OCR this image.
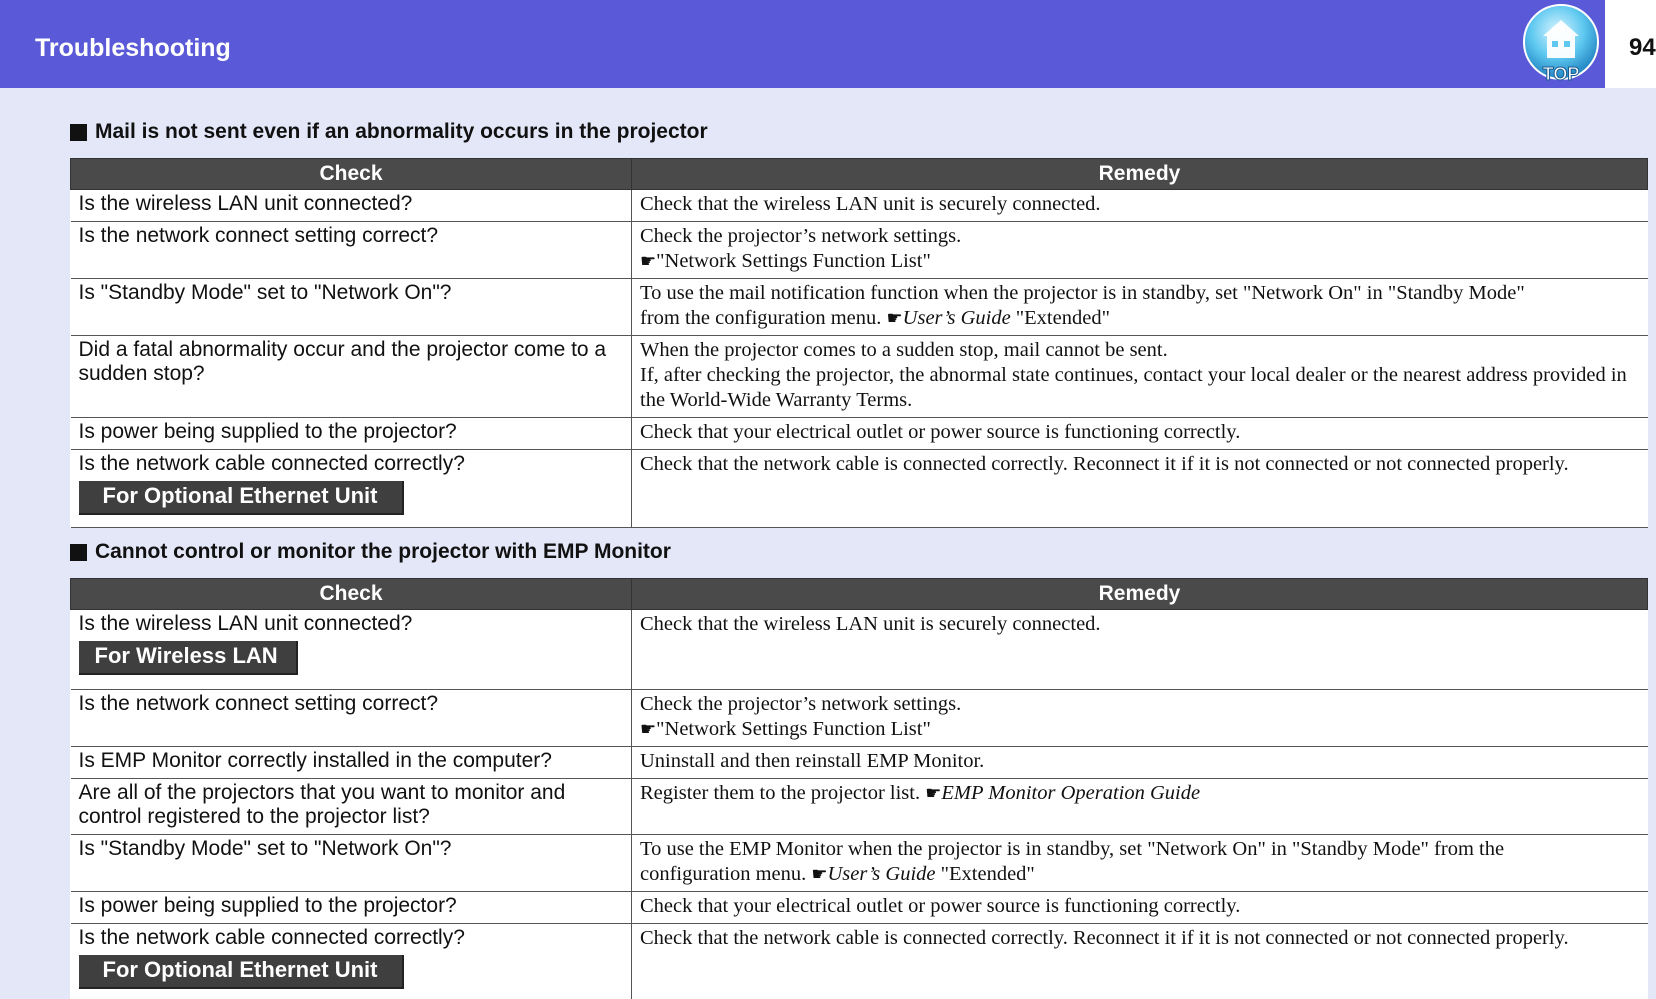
Troubleshooting
TOP
94
Mail is not sent even if an abnormality occurs in the projector
Check	Remedy
Is the wireless LAN unit connected?	Check that the wireless LAN unit is securely connected.
Is the network connect setting correct?	Check the projector’s network settings.
☛"Network Settings Function List"

Is "Standby Mode" set to "Network On"?	To use the mail notification function when the projector is in standby, set "Network On" in "Standby Mode"
from the configuration menu. ☛User’s Guide "Extended"

Did a fatal abnormality occur and the projector come to a sudden stop?	When the projector comes to a sudden stop, mail cannot be sent.
If, after checking the projector, the abnormal state continues, contact your local dealer or the nearest address provided in the World-Wide Warranty Terms.

Is power being supplied to the projector?	Check that your electrical outlet or power source is functioning correctly.

Is the network cable connected correctly?
For Optional Ethernet Unit	Check that the network cable is connected correctly. Reconnect it if it is not connected or not connected properly.
Cannot control or monitor the projector with EMP Monitor
Check	Remedy

Is the wireless LAN unit connected?
For Wireless LAN	Check that the wireless LAN unit is securely connected.
Is the network connect setting correct?	Check the projector’s network settings.
☛"Network Settings Function List"

Is EMP Monitor correctly installed in the computer?	Uninstall and then reinstall EMP Monitor.
Are all of the projectors that you want to monitor and control registered to the projector list?	Register them to the projector list. ☛EMP Monitor Operation Guide
Is "Standby Mode" set to "Network On"?	To use the EMP Monitor when the projector is in standby, set "Network On" in "Standby Mode" from the
configuration menu. ☛User’s Guide "Extended"

Is power being supplied to the projector?	Check that your electrical outlet or power source is functioning correctly.

Is the network cable connected correctly?
For Optional Ethernet Unit	Check that the network cable is connected correctly. Reconnect it if it is not connected or not connected properly.
